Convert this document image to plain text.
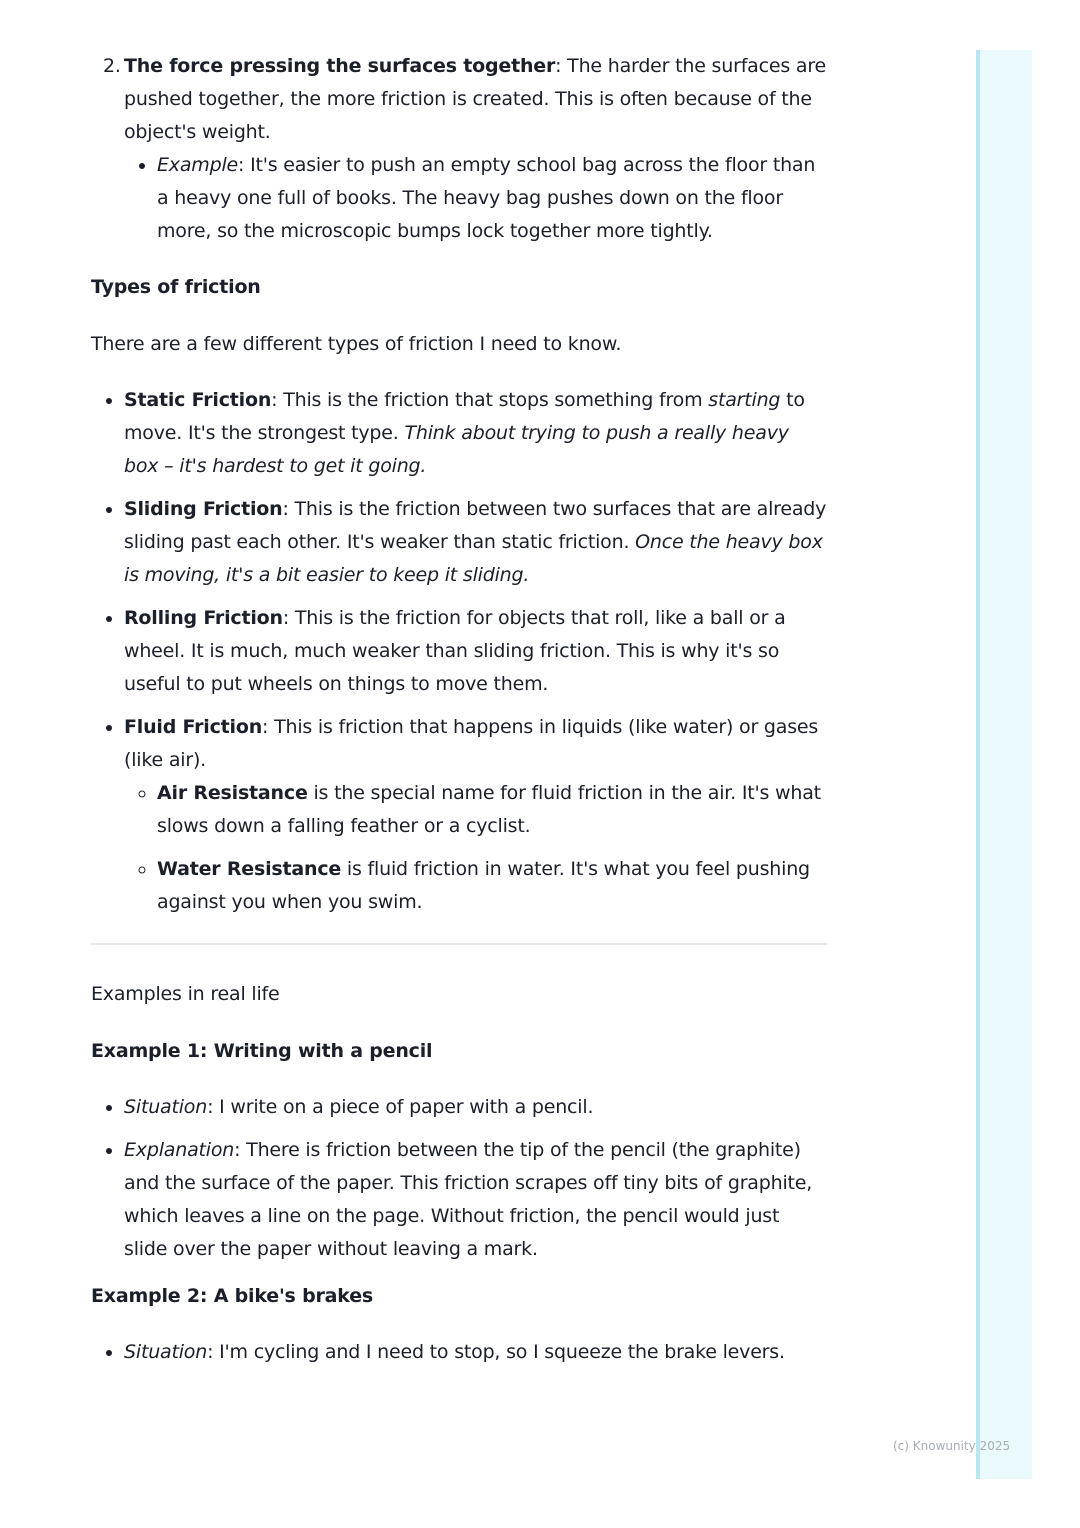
2. The force pressing the surfaces together: The harder the surfaces are pushed together, the more friction is created. This is often because of the object's weight.
• Example: It's easier to push an empty school bag across the floor than a heavy one full of books. The heavy bag pushes down on the floor more, so the microscopic bumps lock together more tightly.
Types of friction

There are a few different types of friction I need to know.

• Static Friction: This is the friction that stops something from starting to move. It's the strongest type. Think about trying to push a really heavy box – it's hardest to get it going.
• Sliding Friction: This is the friction between two surfaces that are already sliding past each other. It's weaker than static friction. Once the heavy box is moving, it's a bit easier to keep it sliding.
• Rolling Friction: This is the friction for objects that roll, like a ball or a wheel. It is much, much weaker than sliding friction. This is why it's so useful to put wheels on things to move them.
• Fluid Friction: This is friction that happens in liquids (like water) or gases (like air).
◦ Air Resistance is the special name for fluid friction in the air. It's what slows down a falling feather or a cyclist.
◦ Water Resistance is fluid friction in water. It's what you feel pushing against you when you swim.

Examples in real life

Example 1: Writing with a pencil
• Situation: I write on a piece of paper with a pencil.
• Explanation: There is friction between the tip of the pencil (the graphite) and the surface of the paper. This friction scrapes off tiny bits of graphite, which leaves a line on the page. Without friction, the pencil would just slide over the paper without leaving a mark.
Example 2: A bike's brakes
• Situation: I'm cycling and I need to stop, so I squeeze the brake levers.
(c) Knowunity 2025
